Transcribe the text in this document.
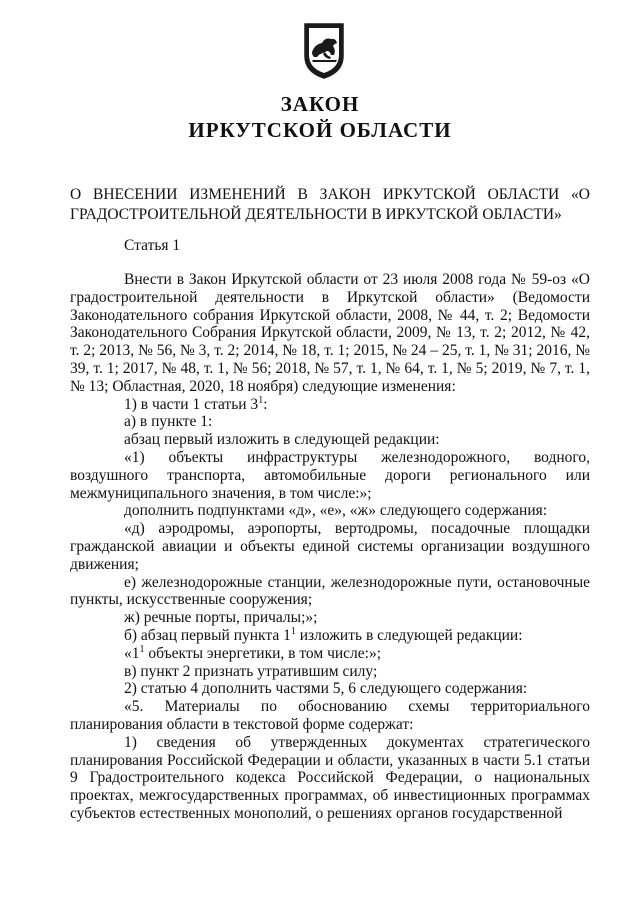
ЗАКОН
ИРКУТСКОЙ ОБЛАСТИ
О ВНЕСЕНИИ ИЗМЕНЕНИЙ В ЗАКОН ИРКУТСКОЙ ОБЛАСТИ «О ГРАДОСТРОИТЕЛЬНОЙ ДЕЯТЕЛЬНОСТИ В ИРКУТСКОЙ ОБЛАСТИ»
Статья 1

Внести в Закон Иркутской области от 23 июля 2008 года № 59-оз «О градостроительной деятельности в Иркутской области» (Ведомости Законодательного собрания Иркутской области, 2008, № 44, т. 2; Ведомости Законодательного Собрания Иркутской области, 2009, № 13, т. 2; 2012, № 42, т. 2; 2013, № 56, № 3, т. 2; 2014, № 18, т. 1; 2015, № 24 – 25, т. 1, № 31; 2016, № 39, т. 1; 2017, № 48, т. 1, № 56; 2018, № 57, т. 1, № 64, т. 1, № 5; 2019, № 7, т. 1, № 13; Областная, 2020, 18 ноября) следующие изменения:

1) в части 1 статьи $3^1$:

а) в пункте 1:

абзац первый изложить в следующей редакции:

«1) объекты инфраструктуры железнодорожного, водного, воздушного транспорта, автомобильные дороги регионального или межмуниципального значения, в том числе:»;

дополнить подпунктами «д», «е», «ж» следующего содержания:

«д) аэродромы, аэропорты, вертодромы, посадочные площадки гражданской авиации и объекты единой системы организации воздушного движения;

е) железнодорожные станции, железнодорожные пути, остановочные пункты, искусственные сооружения;

ж) речные порты, причалы;»;

б) абзац первый пункта $1^1$ изложить в следующей редакции:

«$1^1$ объекты энергетики, в том числе:»;

в) пункт 2 признать утратившим силу;

2) статью 4 дополнить частями 5, 6 следующего содержания:

«5. Материалы по обоснованию схемы территориального планирования области в текстовой форме содержат:

1) сведения об утвержденных документах стратегического планирования Российской Федерации и области, указанных в части 5.1 статьи 9 Градостроительного кодекса Российской Федерации, о национальных проектах, межгосударственных программах, об инвестиционных программах субъектов естественных монополий, о решениях органов государственной
